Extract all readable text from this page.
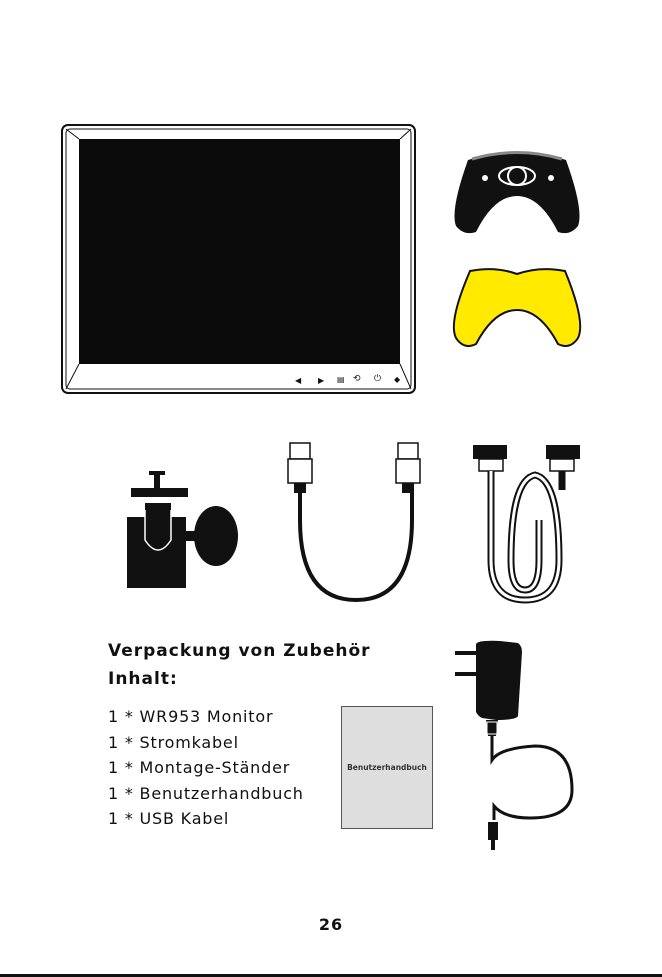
◀ ▶ ▤ ⟲ ⏻ ◆
Verpackung von Zubehör
Inhalt:
1 * WR953 Monitor
1 * Stromkabel
1 * Montage-Ständer
1 * Benutzerhandbuch
1 * USB Kabel
Benutzerhandbuch
26
